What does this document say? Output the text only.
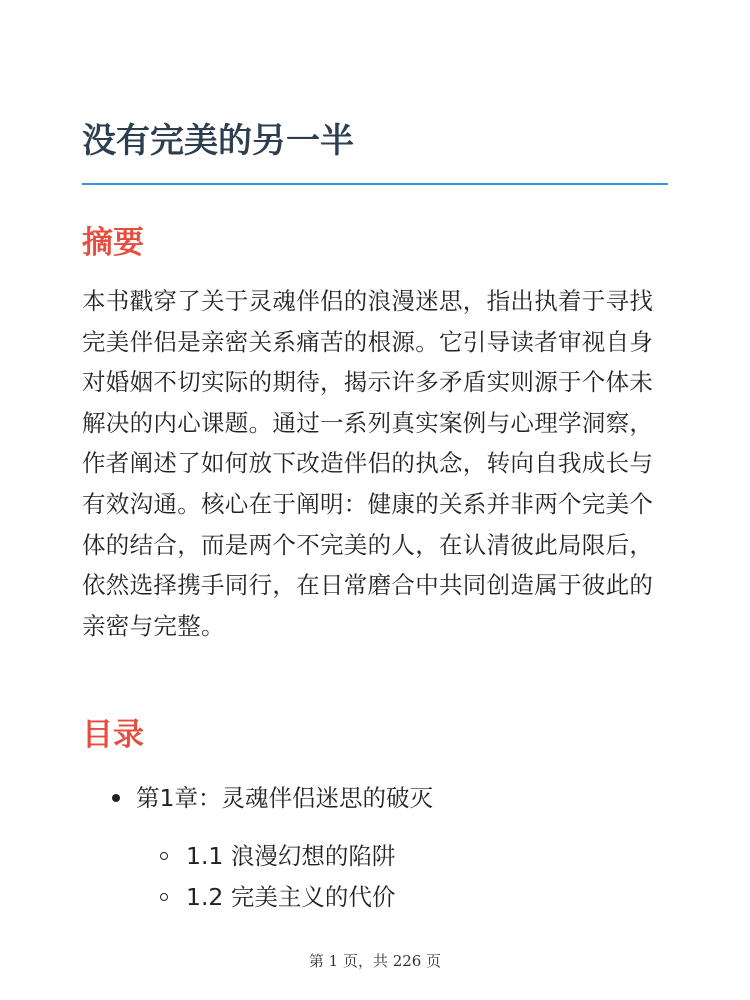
没有完美的另一半
摘要

本书戳穿了关于灵魂伴侣的浪漫迷思，指出执着于寻找完美伴侣是亲密关系痛苦的根源。它引导读者审视自身对婚姻不切实际的期待，揭示许多矛盾实则源于个体未解决的内心课题。通过一系列真实案例与心理学洞察，作者阐述了如何放下改造伴侣的执念，转向自我成长与有效沟通。核心在于阐明：健康的关系并非两个完美个体的结合，而是两个不完美的人，在认清彼此局限后，依然选择携手同行，在日常磨合中共同创造属于彼此的亲密与完整。

目录
第1章：灵魂伴侣迷思的破灭
1.1 浪漫幻想的陷阱
1.2 完美主义的代价
第 1 页，共 226 页
